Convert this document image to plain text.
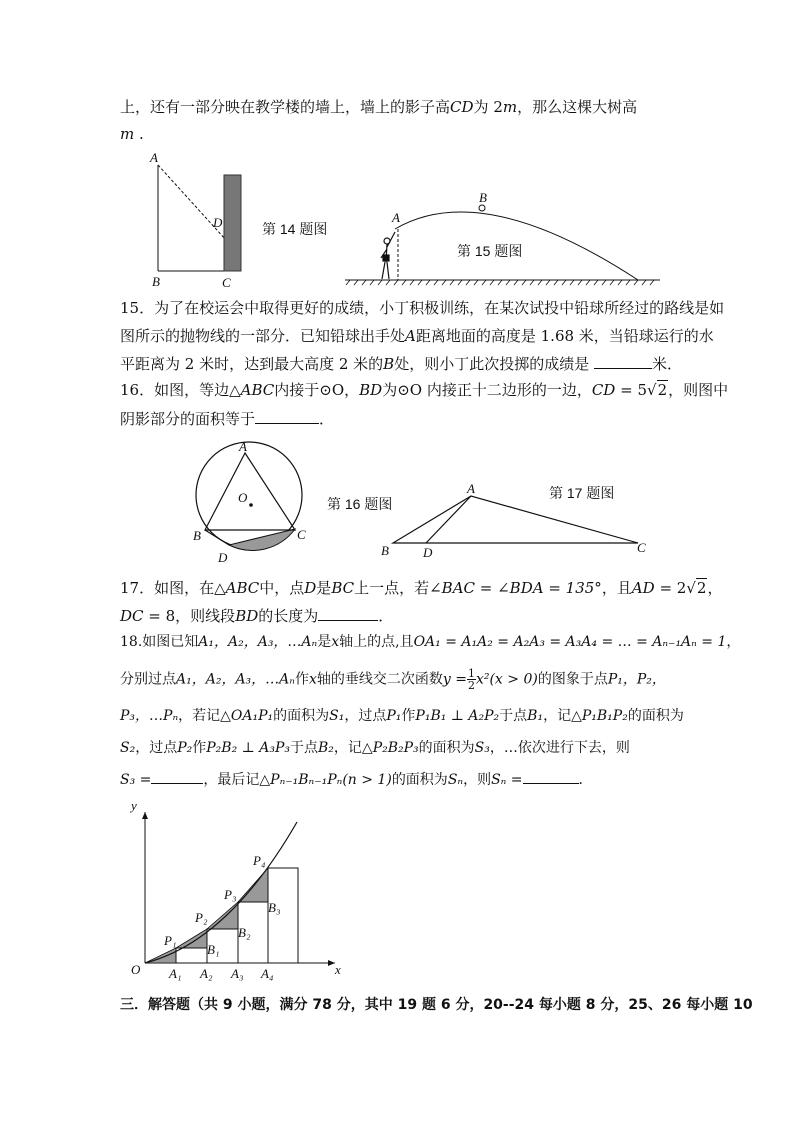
上，还有一部分映在教学楼的墙上，墙上的影子高CD为 2m，那么这棵大树高
m .
A
B	C
D	第 14 题图
A
B
第 15 题图
15．为了在校运会中取得更好的成绩，小丁积极训练，在某次试投中铅球所经过的路线是如
图所示的抛物线的一部分．已知铅球出手处A距离地面的高度是 1.68 米，当铅球运行的水
平距离为 2 米时，达到最大高度 2 米的B处，则小丁此次投掷的成绩是	米．
16．如图，等边△ABC内接于⊙O，BD为⊙O 内接正十二边形的一边，CD = 5√2，则图中
阴影部分的面积等于	．
A
B	C
D
O	第 16 题图
A
B	D	C
第 17 题图
17．如图，在△ABC中，点D是BC上一点，若∠BAC = ∠BDA = 135°，且AD = 2√2，
DC = 8，则线段BD的长度为	．
18.如图已知A₁，A₂，A₃，…Aₙ是x轴上的点,且OA₁ = A₁A₂ = A₂A₃ = A₃A₄ = … = Aₙ₋₁Aₙ = 1，
分别过点A₁，A₂，A₃，…Aₙ作x轴的垂线交二次函数$y = \frac{1}{2} x^2(x > 0)$的图象于点P₁，P₂，
P₃，…Pₙ，若记△OA₁P₁的面积为S₁，过点P₁作P₁B₁ ⊥ A₂P₂于点B₁，记△P₁B₁P₂的面积为
S₂，过点P₂作P₂B₂ ⊥ A₃P₃于点B₂，记△P₂B₂P₃的面积为S₃，…依次进行下去，则
S₃ =	，最后记△Pₙ₋₁Bₙ₋₁Pₙ(n > 1)的面积为Sₙ，则Sₙ =	．
y
x
O
P₁
P₂
P₃
P₄
B₁
B₂
B₃
A₁ A₂ A₃ A₄
三．解答题（共 9 小题，满分 78 分，其中 19 题 6 分，20--24 每小题 8 分，25、26 每小题 10
